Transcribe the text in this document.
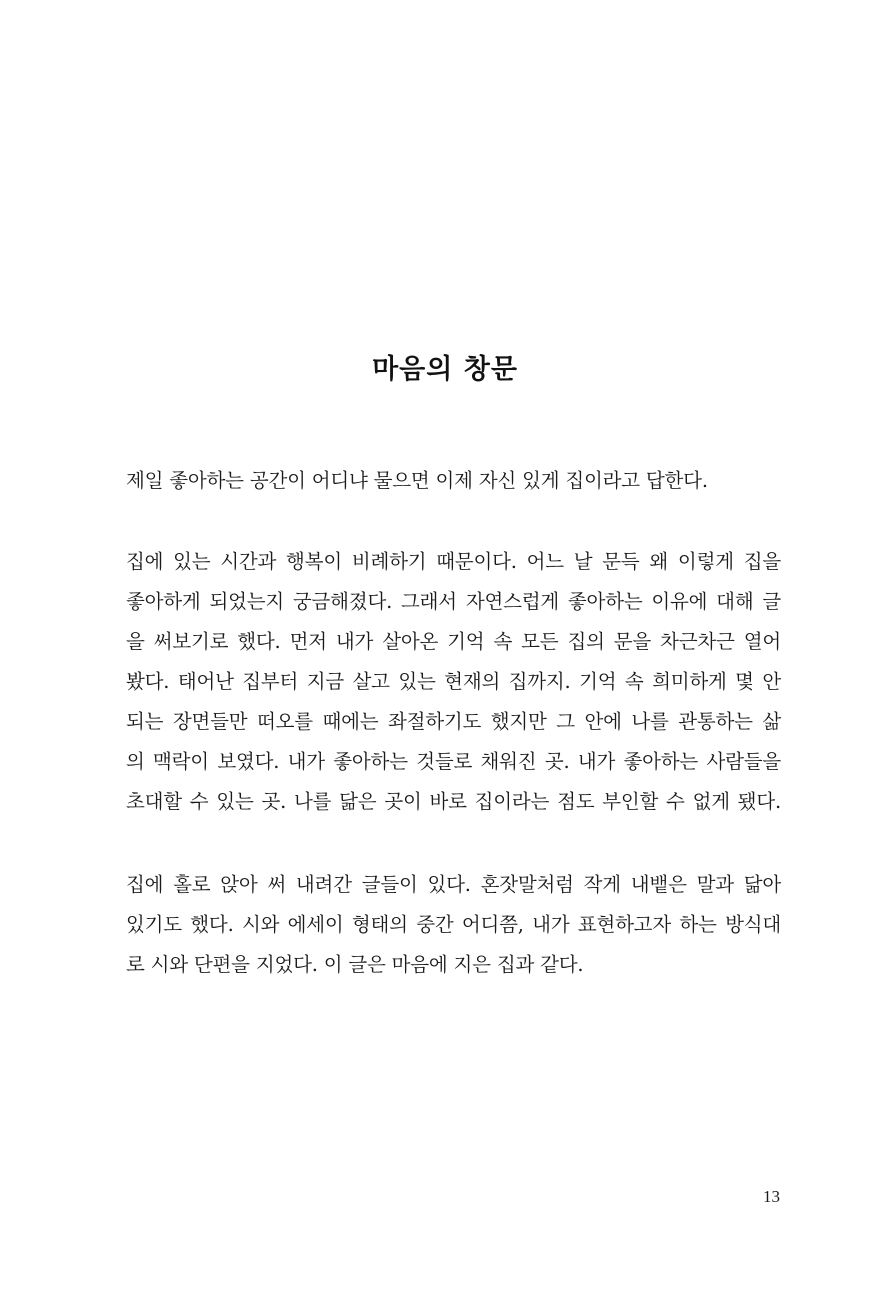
마음의 창문

제일 좋아하는 공간이 어디냐 물으면 이제 자신 있게 집이라고 답한다.

집에 있는 시간과 행복이 비례하기 때문이다. 어느 날 문득 왜 이렇게 집을
좋아하게 되었는지 궁금해졌다. 그래서 자연스럽게 좋아하는 이유에 대해 글
을 써보기로 했다. 먼저 내가 살아온 기억 속 모든 집의 문을 차근차근 열어
봤다. 태어난 집부터 지금 살고 있는 현재의 집까지. 기억 속 희미하게 몇 안
되는 장면들만 떠오를 때에는 좌절하기도 했지만 그 안에 나를 관통하는 삶
의 맥락이 보였다. 내가 좋아하는 것들로 채워진 곳. 내가 좋아하는 사람들을
초대할 수 있는 곳. 나를 닮은 곳이 바로 집이라는 점도 부인할 수 없게 됐다.

집에 홀로 앉아 써 내려간 글들이 있다. 혼잣말처럼 작게 내뱉은 말과 닮아
있기도 했다. 시와 에세이 형태의 중간 어디쯤, 내가 표현하고자 하는 방식대
로 시와 단편을 지었다. 이 글은 마음에 지은 집과 같다.

13
